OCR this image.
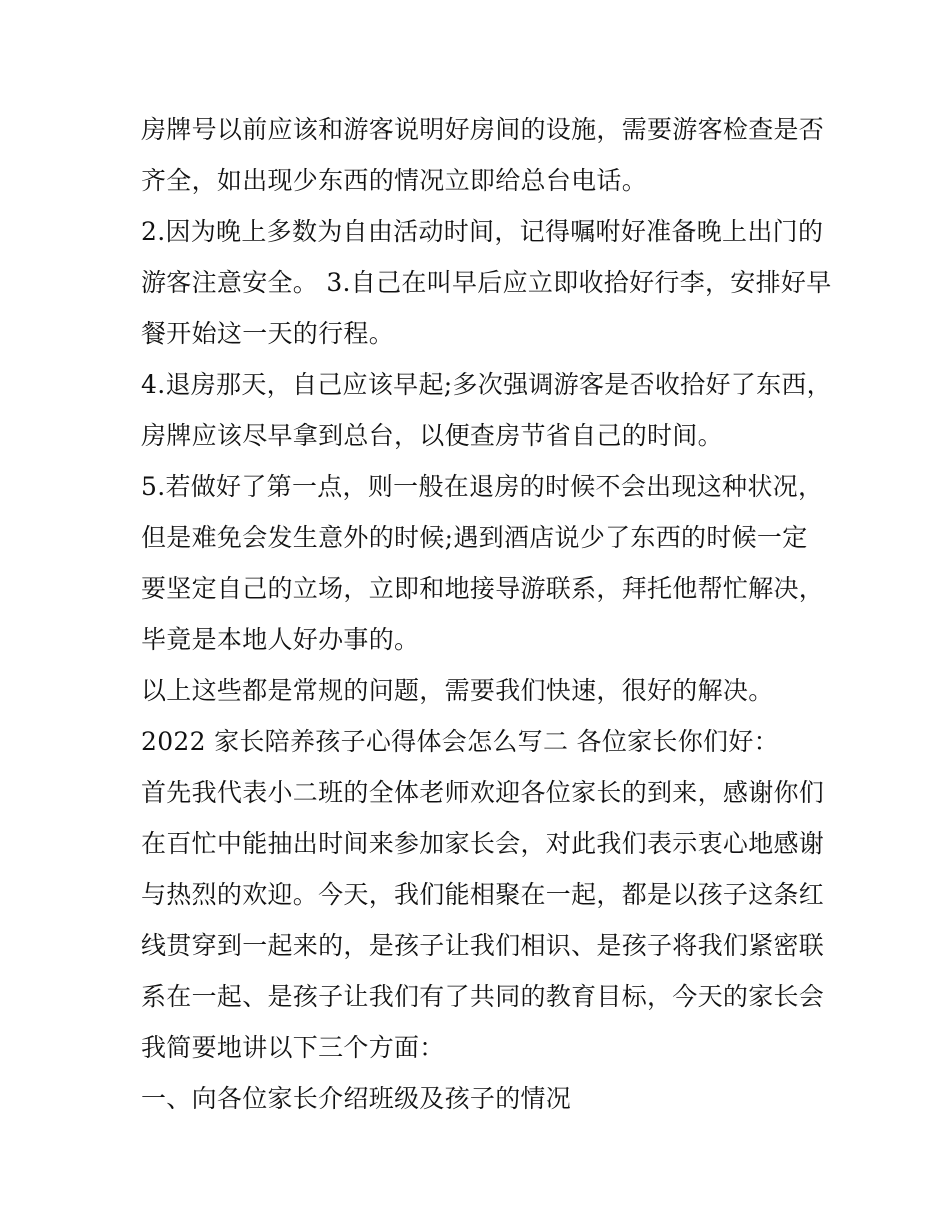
房牌号以前应该和游客说明好房间的设施，需要游客检查是否
齐全，如出现少东西的情况立即给总台电话。
2.因为晚上多数为自由活动时间，记得嘱咐好准备晚上出门的
游客注意安全。 3.自己在叫早后应立即收拾好行李，安排好早
餐开始这一天的行程。
4.退房那天，自己应该早起;多次强调游客是否收拾好了东西，
房牌应该尽早拿到总台，以便查房节省自己的时间。
5.若做好了第一点，则一般在退房的时候不会出现这种状况，
但是难免会发生意外的时候;遇到酒店说少了东西的时候一定
要坚定自己的立场，立即和地接导游联系，拜托他帮忙解决，
毕竟是本地人好办事的。
以上这些都是常规的问题，需要我们快速，很好的解决。
2022 家长陪养孩子心得体会怎么写二 各位家长你们好：
首先我代表小二班的全体老师欢迎各位家长的到来，感谢你们
在百忙中能抽出时间来参加家长会，对此我们表示衷心地感谢
与热烈的欢迎。今天，我们能相聚在一起，都是以孩子这条红
线贯穿到一起来的，是孩子让我们相识、是孩子将我们紧密联
系在一起、是孩子让我们有了共同的教育目标，今天的家长会
我简要地讲以下三个方面：
一、向各位家长介绍班级及孩子的情况
